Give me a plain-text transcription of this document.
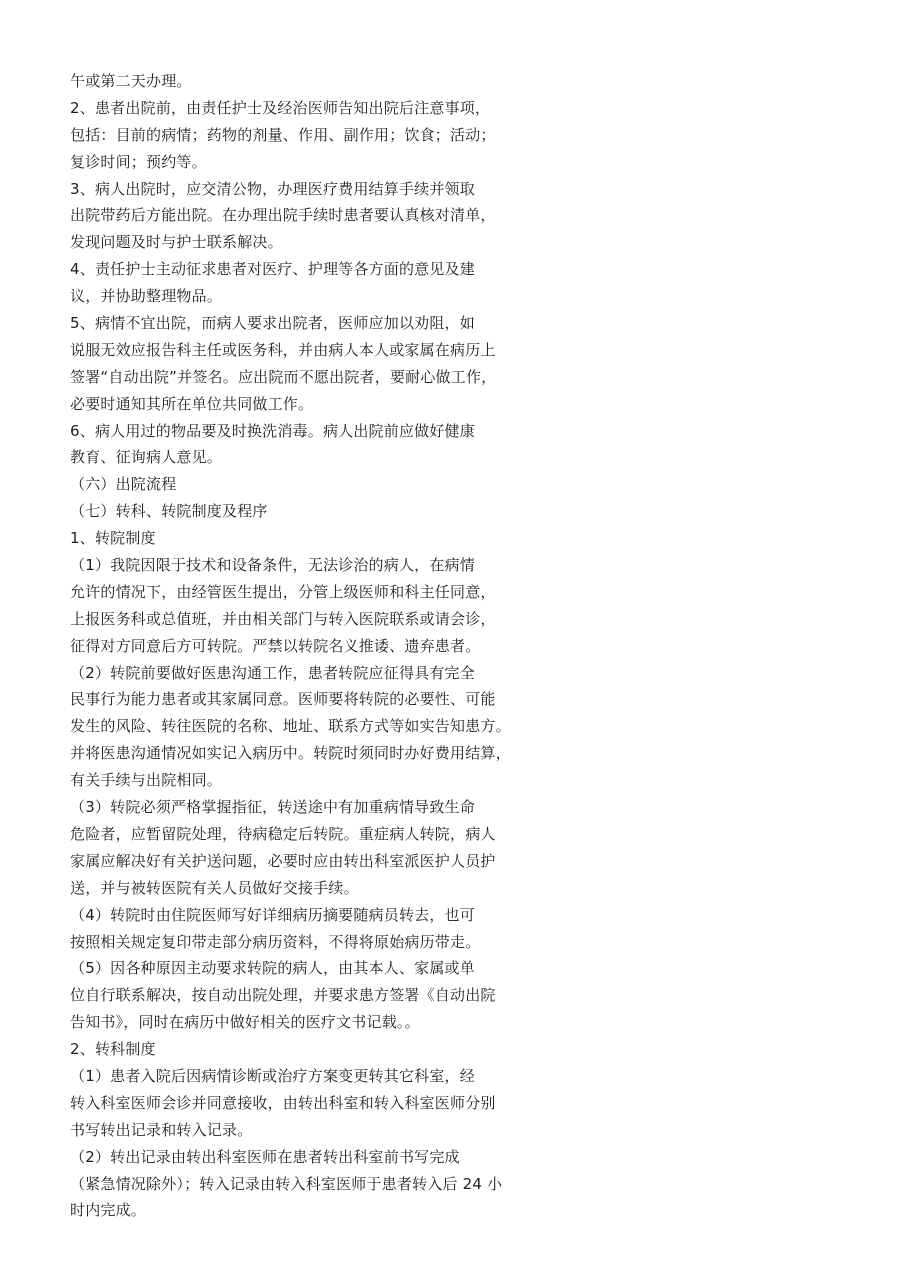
午或第二天办理。
2、患者出院前，由责任护士及经治医师告知出院后注意事项，
包括：目前的病情；药物的剂量、作用、副作用；饮食；活动；
复诊时间；预约等。
3、病人出院时，应交清公物，办理医疗费用结算手续并领取
出院带药后方能出院。在办理出院手续时患者要认真核对清单，
发现问题及时与护士联系解决。
4、责任护士主动征求患者对医疗、护理等各方面的意见及建
议，并协助整理物品。
5、病情不宜出院，而病人要求出院者，医师应加以劝阻，如
说服无效应报告科主任或医务科，并由病人本人或家属在病历上
签署“自动出院”并签名。应出院而不愿出院者，要耐心做工作，
必要时通知其所在单位共同做工作。
6、病人用过的物品要及时换洗消毒。病人出院前应做好健康
教育、征询病人意见。
（六）出院流程
（七）转科、转院制度及程序
1、转院制度
（1）我院因限于技术和设备条件，无法诊治的病人，在病情
允许的情况下，由经管医生提出，分管上级医师和科主任同意，
上报医务科或总值班，并由相关部门与转入医院联系或请会诊，
征得对方同意后方可转院。严禁以转院名义推诿、遗弃患者。
（2）转院前要做好医患沟通工作，患者转院应征得具有完全
民事行为能力患者或其家属同意。医师要将转院的必要性、可能
发生的风险、转往医院的名称、地址、联系方式等如实告知患方。
并将医患沟通情况如实记入病历中。转院时须同时办好费用结算，
有关手续与出院相同。
（3）转院必须严格掌握指征，转送途中有加重病情导致生命
危险者，应暂留院处理，待病稳定后转院。重症病人转院，病人
家属应解决好有关护送问题，必要时应由转出科室派医护人员护
送，并与被转医院有关人员做好交接手续。
（4）转院时由住院医师写好详细病历摘要随病员转去，也可
按照相关规定复印带走部分病历资料，不得将原始病历带走。
（5）因各种原因主动要求转院的病人，由其本人、家属或单
位自行联系解决，按自动出院处理，并要求患方签署《自动出院
告知书》，同时在病历中做好相关的医疗文书记载。。
2、转科制度
（1）患者入院后因病情诊断或治疗方案变更转其它科室，经
转入科室医师会诊并同意接收，由转出科室和转入科室医师分别
书写转出记录和转入记录。
（2）转出记录由转出科室医师在患者转出科室前书写完成
（紧急情况除外）；转入记录由转入科室医师于患者转入后 24 小
时内完成。
